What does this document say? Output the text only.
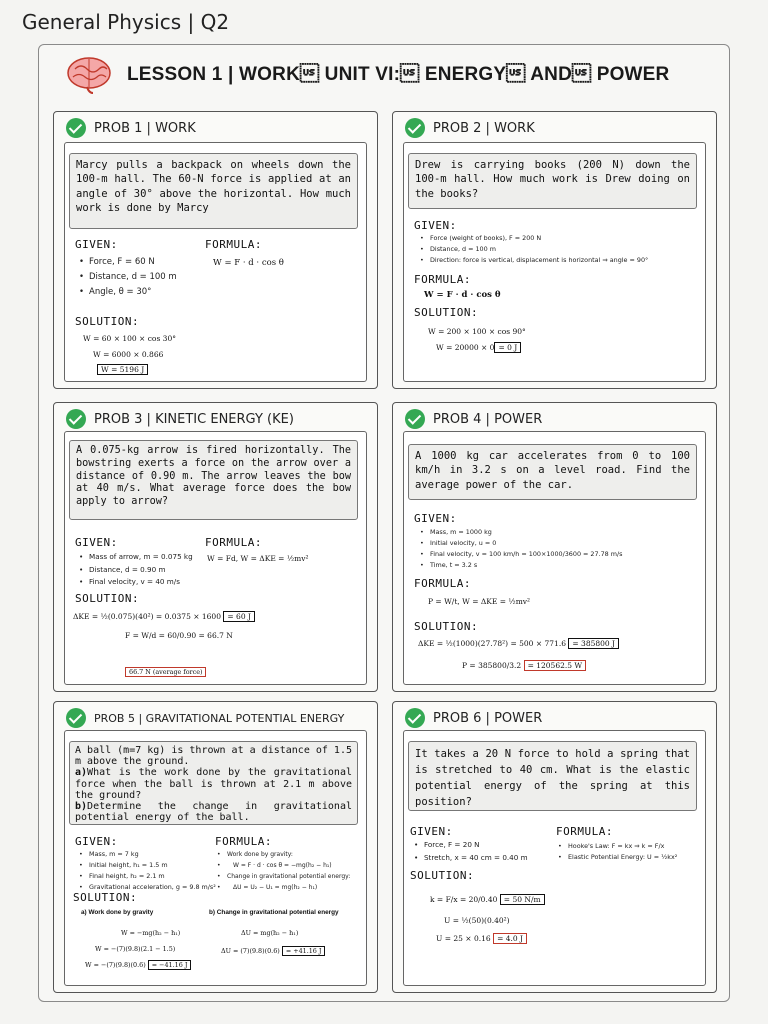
General Physics | Q2
LESSON 1 | WORK UNIT VI: ENERGY AND POWER
PROB 1 | WORK
Marcy pulls a backpack on wheels down the 100-m hall. The 60-N force is applied at an angle of 30° above the horizontal. How much work is done by Marcy
GIVEN:	FORMULA:
• Force, F = 60 N
• Distance, d = 100 m
• Angle, θ = 30°
W = F · d · cos θ
SOLUTION:
W = 60 × 100 × cos 30°
W = 6000 × 0.866
W = 5196 J
PROB 2 | WORK
Drew is carrying books (200 N) down the 100-m hall. How much work is Drew doing on the books?
GIVEN:
• Force (weight of books), F = 200 N
• Distance, d = 100 m
• Direction: force is vertical, displacement is horizontal ⇒ angle = 90°
FORMULA:
W = F · d · cos θ
SOLUTION:
W = 200 × 100 × cos 90°
W = 20000 × 0 = 0 J
PROB 3 | KINETIC ENERGY (KE)
A 0.075-kg arrow is fired horizontally. The bowstring exerts a force on the arrow over a distance of 0.90 m. The arrow leaves the bow at 40 m/s. What average force does the bow apply to arrow?
GIVEN:	FORMULA:
• Mass of arrow, m = 0.075 kg
• Distance, d = 0.90 m
• Final velocity, v = 40 m/s
W = Fd, W = ΔKE = ½mv²
SOLUTION:
ΔKE = ½(0.075)(40²) = 0.0375 × 1600 = 60 J
F = W/d = 60/0.90 = 66.7 N
66.7 N (average force)
PROB 4 | POWER
A 1000 kg car accelerates from 0 to 100 km/h in 3.2 s on a level road. Find the average power of the car.
GIVEN:
• Mass, m = 1000 kg
• Initial velocity, u = 0
• Final velocity, v = 100 km/h = 100×1000/3600 = 27.78 m/s
• Time, t = 3.2 s
FORMULA:
P = W/t, W = ΔKE = ½mv²
SOLUTION:
ΔKE = ½(1000)(27.78²) = 500 × 771.6 = 385800 J
P = 385800/3.2 = 120562.5 W
PROB 5 | GRAVITATIONAL POTENTIAL ENERGY
A ball (m=7 kg) is thrown at a distance of 1.5 m above the ground.
a)What is the work done by the gravitational force when the ball is thrown at 2.1 m above the ground?
b)Determine the change in gravitational potential energy of the ball.
GIVEN:	FORMULA:
• Mass, m = 7 kg
• Initial height, h₁ = 1.5 m
• Final height, h₂ = 2.1 m
• Gravitational acceleration, g = 9.8 m/s²
• Work done by gravity:
• W = F · d · cos θ = −mg(h₂ − h₁)
• Change in gravitational potential energy:
• ΔU = U₂ − U₁ = mg(h₂ − h₁)
SOLUTION:
a) Work done by gravity	b) Change in gravitational potential energy
W = −mg(h₂ − h₁)
W = −(7)(9.8)(2.1 − 1.5)
W = −(7)(9.8)(0.6) = −41.16 J
ΔU = mg(h₂ − h₁)
ΔU = (7)(9.8)(0.6) = +41.16 J
PROB 6 | POWER
It takes a 20 N force to hold a spring that is stretched to 40 cm. What is the elastic potential energy of the spring at this position?
GIVEN:	FORMULA:
• Force, F = 20 N
• Stretch, x = 40 cm = 0.40 m
• Hooke's Law: F = kx ⇒ k = F/x
• Elastic Potential Energy: U = ½kx²
SOLUTION:
k = F/x = 20/0.40 = 50 N/m
U = ½(50)(0.40²)
U = 25 × 0.16 = 4.0 J
